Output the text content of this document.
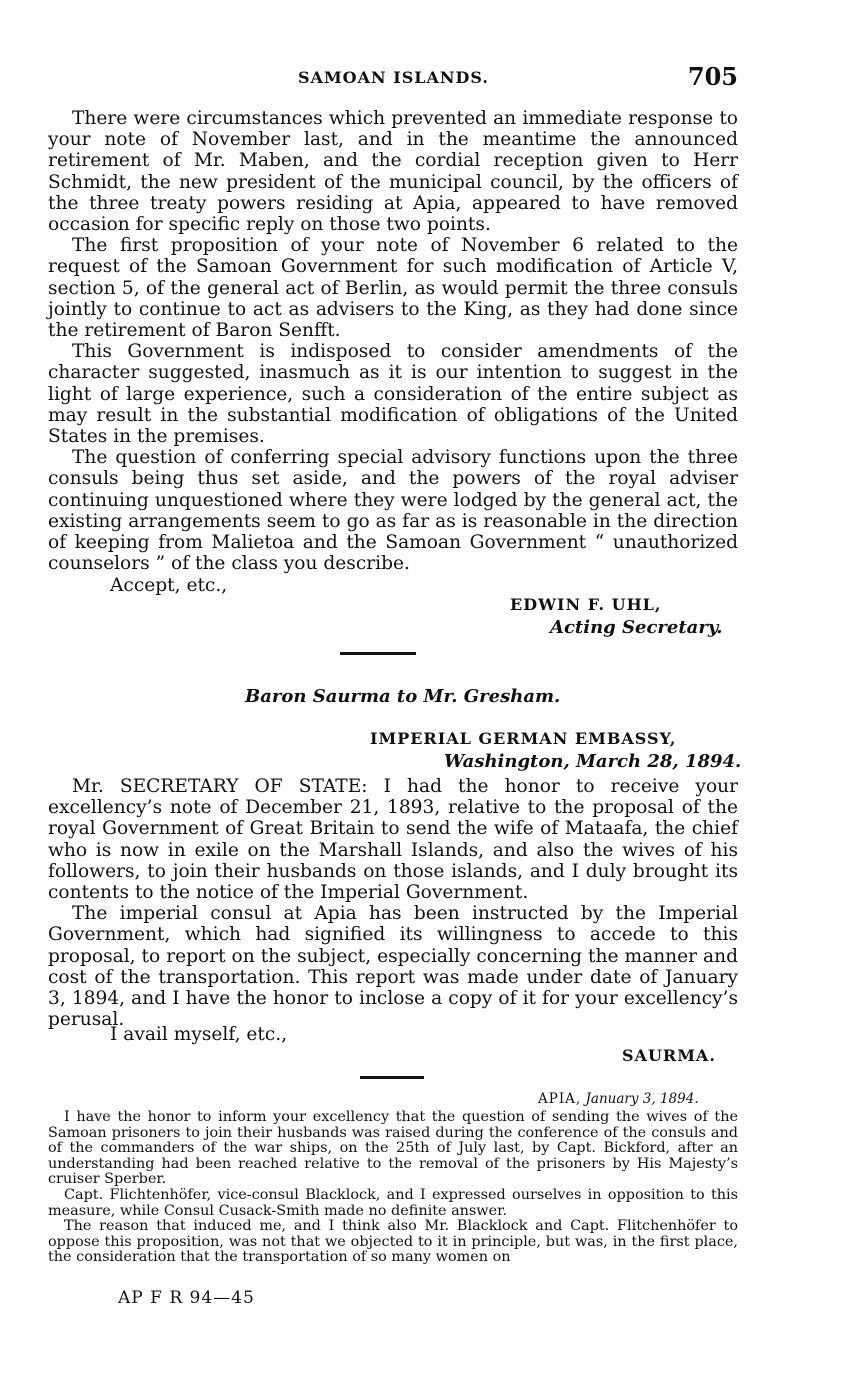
SAMOAN ISLANDS.	705

There were circumstances which prevented an immediate response to your note of November last, and in the meantime the announced retirement of Mr. Maben, and the cordial reception given to Herr Schmidt, the new president of the municipal council, by the officers of the three treaty powers residing at Apia, appeared to have removed occasion for specific reply on those two points.

The first proposition of your note of November 6 related to the request of the Samoan Government for such modification of Article V, section 5, of the general act of Berlin, as would permit the three consuls jointly to continue to act as advisers to the King, as they had done since the retirement of Baron Senfft.

This Government is indisposed to consider amendments of the character suggested, inasmuch as it is our intention to suggest in the light of large experience, such a consideration of the entire subject as may result in the substantial modification of obligations of the United States in the premises.

The question of conferring special advisory functions upon the three consuls being thus set aside, and the powers of the royal adviser continuing unquestioned where they were lodged by the general act, the existing arrangements seem to go as far as is reasonable in the direction of keeping from Malietoa and the Samoan Government “ unauthorized counselors ” of the class you describe.

Accept, etc.,
EDWIN F. UHL,
Acting Secretary.
Baron Saurma to Mr. Gresham.
IMPERIAL GERMAN EMBASSY,
Washington, March 28, 1894.

Mr. SECRETARY OF STATE: I had the honor to receive your excellency’s note of December 21, 1893, relative to the proposal of the royal Government of Great Britain to send the wife of Mataafa, the chief who is now in exile on the Marshall Islands, and also the wives of his followers, to join their husbands on those islands, and I duly brought its contents to the notice of the Imperial Government.

The imperial consul at Apia has been instructed by the Imperial Government, which had signified its willingness to accede to this proposal, to report on the subject, especially concerning the manner and cost of the transportation. This report was made under date of January 3, 1894, and I have the honor to inclose a copy of it for your excellency’s perusal.

I avail myself, etc.,
SAURMA.
APIA, January 3, 1894.

I have the honor to inform your excellency that the question of sending the wives of the Samoan prisoners to join their husbands was raised during the conference of the consuls and of the commanders of the war ships, on the 25th of July last, by Capt. Bickford, after an understanding had been reached relative to the removal of the prisoners by His Majesty’s cruiser Sperber.

Capt. Flichtenhöfer, vice-consul Blacklock, and I expressed ourselves in opposition to this measure, while Consul Cusack-Smith made no definite answer.

The reason that induced me, and I think also Mr. Blacklock and Capt. Flitchenhöfer to oppose this proposition, was not that we objected to it in principle, but was, in the first place, the consideration that the transportation of so many women on

AP F R 94—45
